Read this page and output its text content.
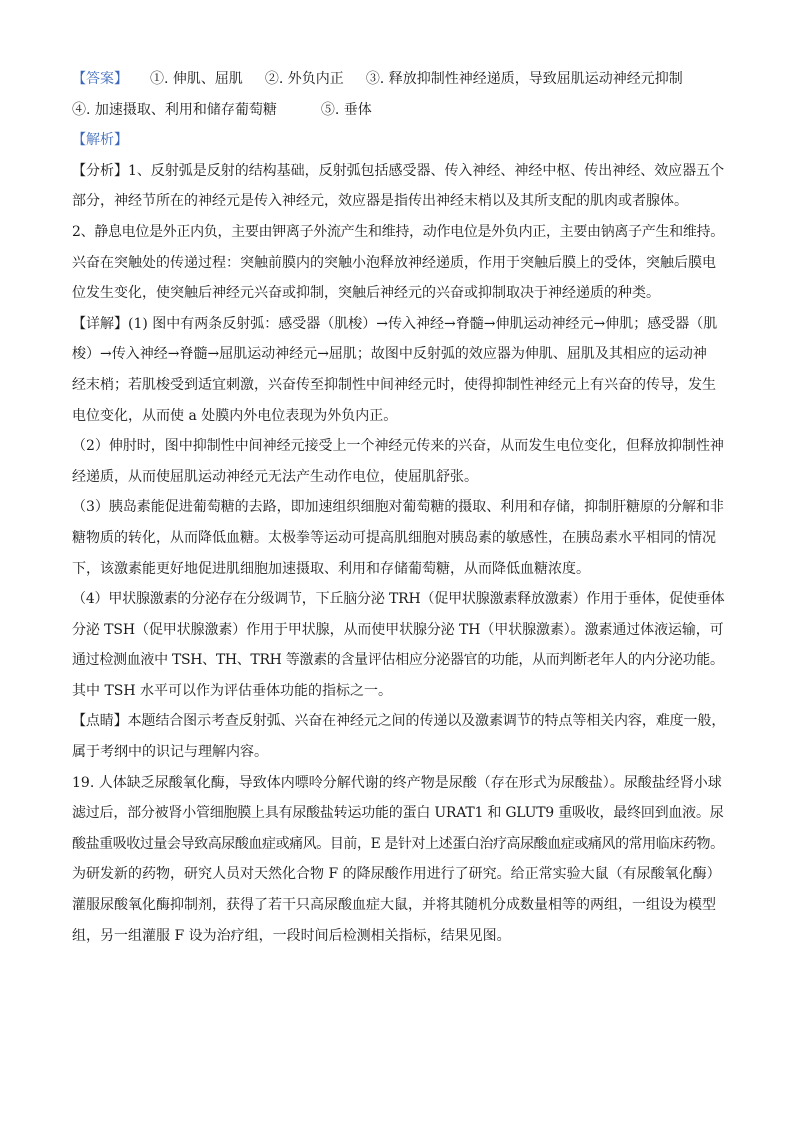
【答案】 ①. 伸肌、屈肌 ②. 外负内正 ③. 释放抑制性神经递质，导致屈肌运动神经元抑制
④. 加速摄取、利用和储存葡萄糖	⑤. 垂体
【解析】
【分析】1、反射弧是反射的结构基础，反射弧包括感受器、传入神经、神经中枢、传出神经、效应器五个
部分，神经节所在的神经元是传入神经元，效应器是指传出神经末梢以及其所支配的肌肉或者腺体。
2、静息电位是外正内负，主要由钾离子外流产生和维持，动作电位是外负内正，主要由钠离子产生和维持。
兴奋在突触处的传递过程：突触前膜内的突触小泡释放神经递质，作用于突触后膜上的受体，突触后膜电
位发生变化，使突触后神经元兴奋或抑制，突触后神经元的兴奋或抑制取决于神经递质的种类。
【详解】(1) 图中有两条反射弧：感受器（肌梭）→传入神经→脊髓→伸肌运动神经元→伸肌；感受器（肌
梭）→传入神经→脊髓→屈肌运动神经元→屈肌；故图中反射弧的效应器为伸肌、屈肌及其相应的运动神
经末梢；若肌梭受到适宜刺激，兴奋传至抑制性中间神经元时，使得抑制性神经元上有兴奋的传导，发生
电位变化，从而使 a 处膜内外电位表现为外负内正。
（2）伸肘时，图中抑制性中间神经元接受上一个神经元传来的兴奋，从而发生电位变化，但释放抑制性神
经递质，从而使屈肌运动神经元无法产生动作电位，使屈肌舒张。
（3）胰岛素能促进葡萄糖的去路，即加速组织细胞对葡萄糖的摄取、利用和存储，抑制肝糖原的分解和非
糖物质的转化，从而降低血糖。太极拳等运动可提高肌细胞对胰岛素的敏感性，在胰岛素水平相同的情况
下，该激素能更好地促进肌细胞加速摄取、利用和存储葡萄糖，从而降低血糖浓度。
（4）甲状腺激素的分泌存在分级调节，下丘脑分泌 TRH（促甲状腺激素释放激素）作用于垂体，促使垂体
分泌 TSH（促甲状腺激素）作用于甲状腺，从而使甲状腺分泌 TH（甲状腺激素）。激素通过体液运输，可
通过检测血液中 TSH、TH、TRH 等激素的含量评估相应分泌器官的功能，从而判断老年人的内分泌功能。
其中 TSH 水平可以作为评估垂体功能的指标之一。
【点睛】本题结合图示考查反射弧、兴奋在神经元之间的传递以及激素调节的特点等相关内容，难度一般，
属于考纲中的识记与理解内容。
19. 人体缺乏尿酸氧化酶，导致体内嘌呤分解代谢的终产物是尿酸（存在形式为尿酸盐）。尿酸盐经肾小球
滤过后，部分被肾小管细胞膜上具有尿酸盐转运功能的蛋白 URAT1 和 GLUT9 重吸收，最终回到血液。尿
酸盐重吸收过量会导致高尿酸血症或痛风。目前，E 是针对上述蛋白治疗高尿酸血症或痛风的常用临床药物。
为研发新的药物，研究人员对天然化合物 F 的降尿酸作用进行了研究。给正常实验大鼠（有尿酸氧化酶）
灌服尿酸氧化酶抑制剂，获得了若干只高尿酸血症大鼠，并将其随机分成数量相等的两组，一组设为模型
组，另一组灌服 F 设为治疗组，一段时间后检测相关指标，结果见图。
